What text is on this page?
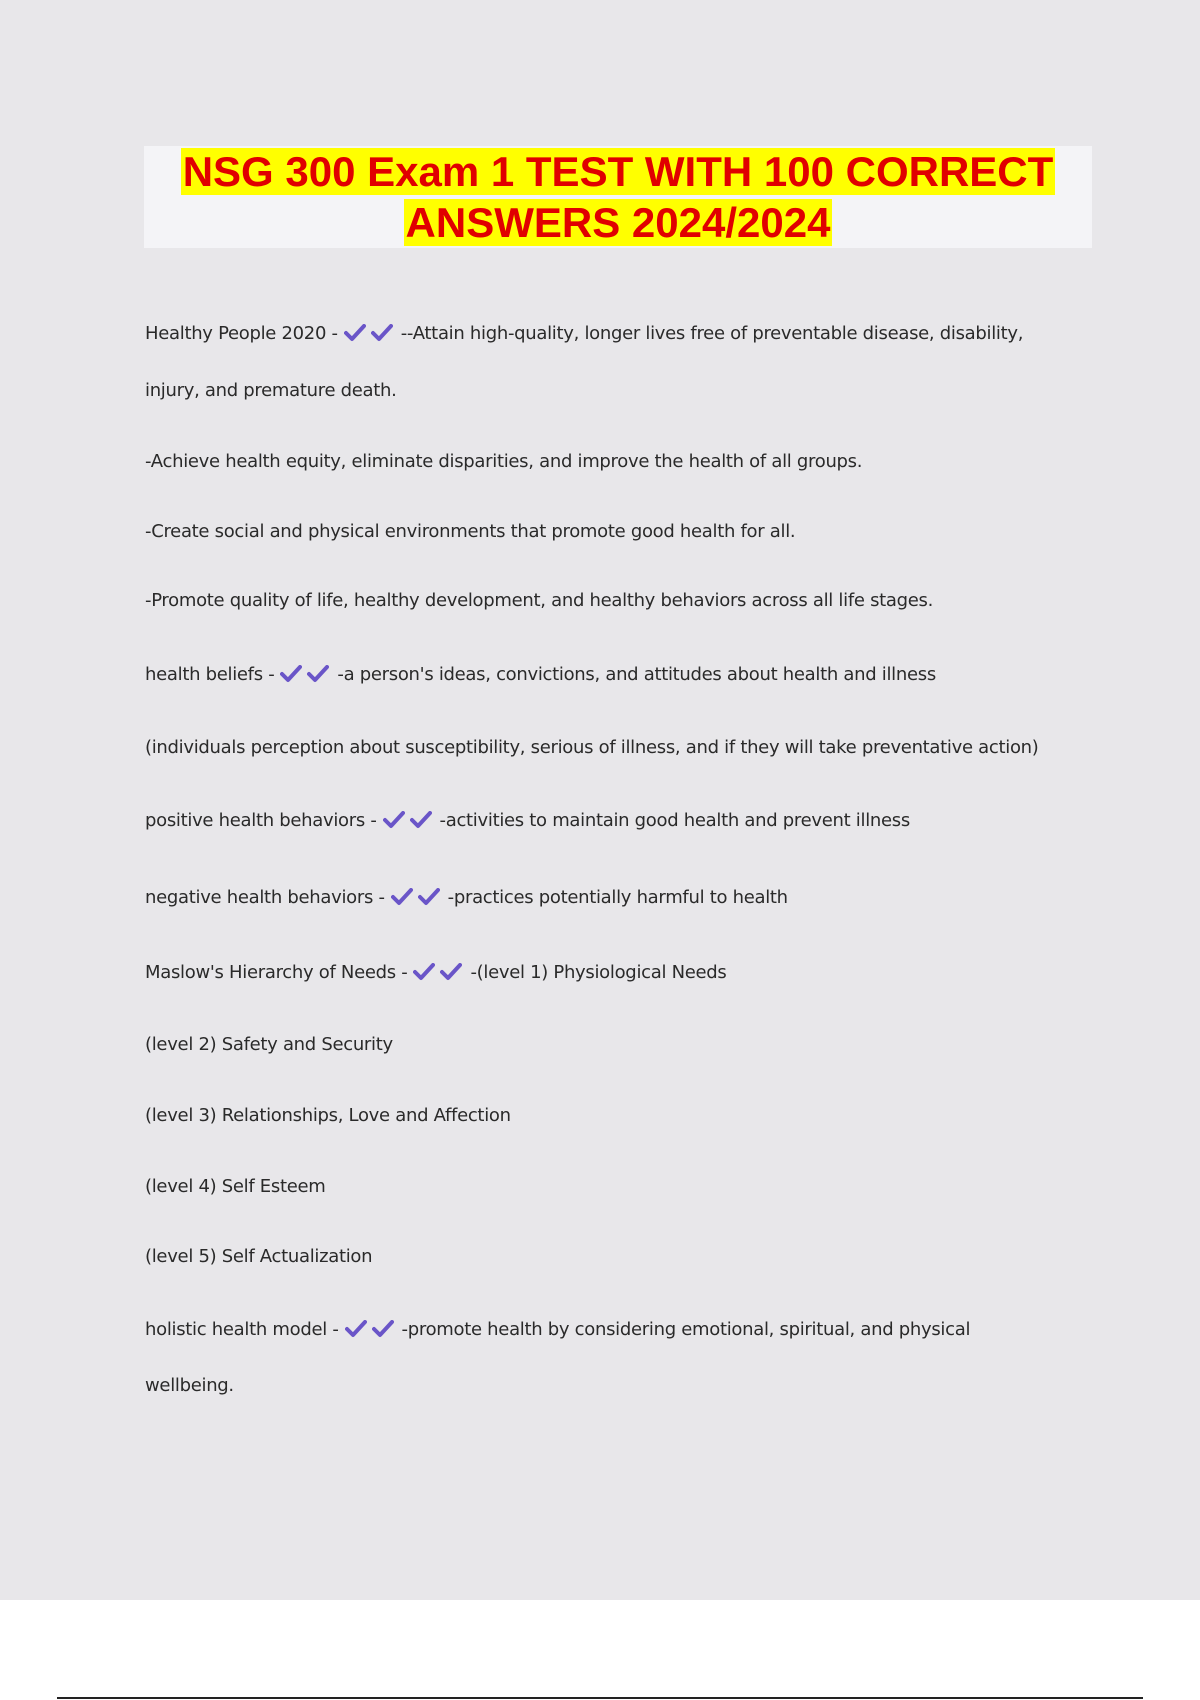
NSG 300 Exam 1 TEST WITH 100 CORRECT
ANSWERS 2024/2024
Healthy People 2020 -	--Attain high-quality, longer lives free of preventable disease, disability,
injury, and premature death.
-Achieve health equity, eliminate disparities, and improve the health of all groups.
-Create social and physical environments that promote good health for all.
-Promote quality of life, healthy development, and healthy behaviors across all life stages.
health beliefs -	-a person's ideas, convictions, and attitudes about health and illness
(individuals perception about susceptibility, serious of illness, and if they will take preventative action)
positive health behaviors -	-activities to maintain good health and prevent illness
negative health behaviors -	-practices potentially harmful to health
Maslow's Hierarchy of Needs -	-(level 1) Physiological Needs
(level 2) Safety and Security
(level 3) Relationships, Love and Affection
(level 4) Self Esteem
(level 5) Self Actualization
holistic health model -	-promote health by considering emotional, spiritual, and physical
wellbeing.
